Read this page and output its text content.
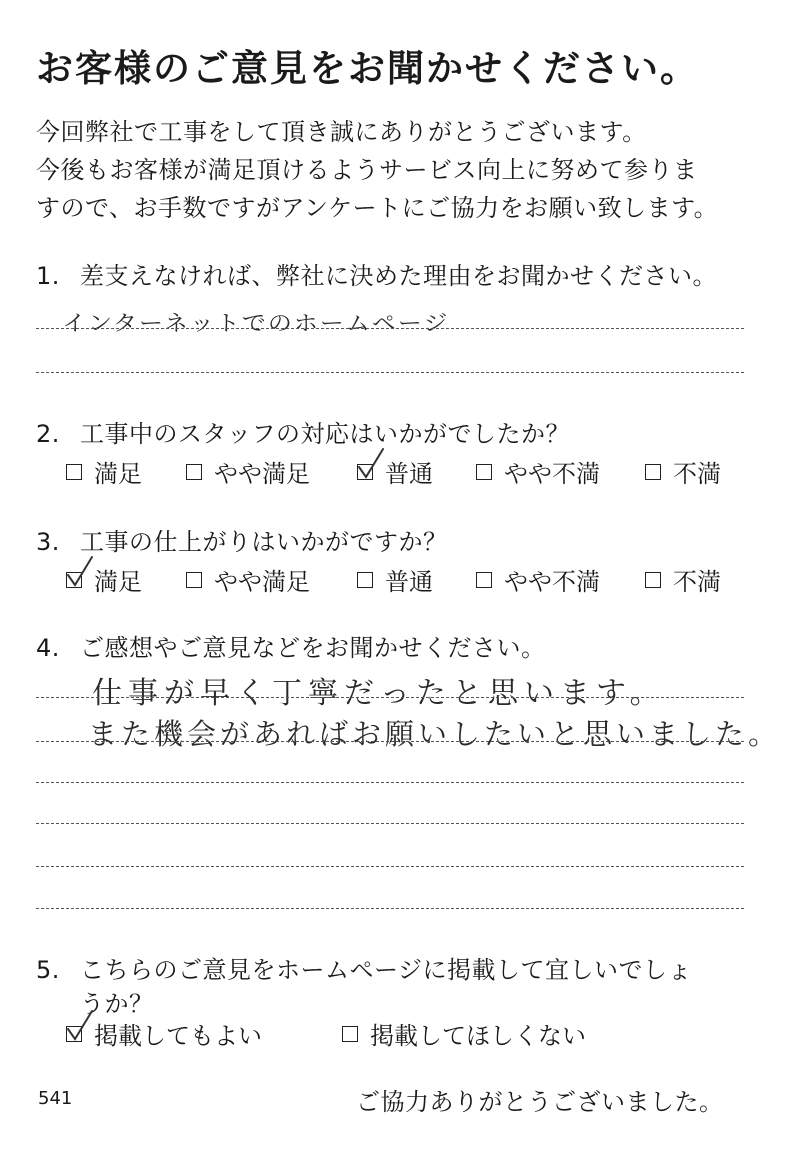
お客様のご意見をお聞かせください。
今回弊社で工事をして頂き誠にありがとうございます。
今後もお客様が満足頂けるようサービス向上に努めて参りま
すので、お手数ですがアンケートにご協力をお願い致します。
1. 差支えなければ、弊社に決めた理由をお聞かせください。
インターネットでのホームページ
2. 工事中のスタッフの対応はいかがでしたか？
満足	やや満足	普通	やや不満	不満
3. 工事の仕上がりはいかがですか？
満足	やや満足	普通	やや不満	不満
4. ご感想やご意見などをお聞かせください。
仕事が早く丁寧だったと思います。
また機会があればお願いしたいと思いました。
5. こちらのご意見をホームページに掲載して宜しいでしょ
うか？
掲載してもよい	掲載してほしくない
541	ご協力ありがとうございました。
